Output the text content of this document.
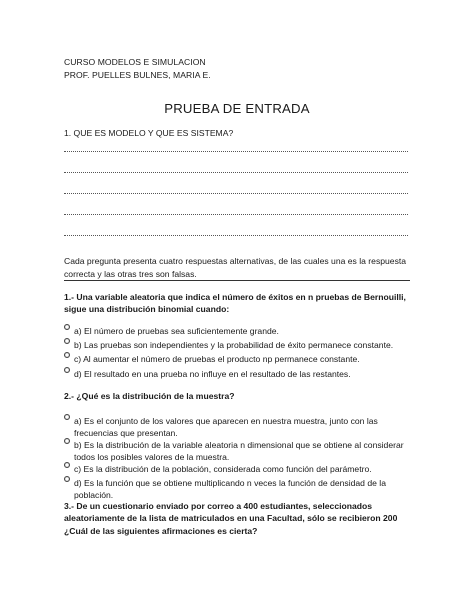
CURSO MODELOS E SIMULACION
PROF. PUELLES BULNES, MARIA E.
PRUEBA DE ENTRADA
1. QUE ES MODELO Y QUE ES SISTEMA?
Cada pregunta presenta cuatro respuestas alternativas, de las cuales una es la respuesta correcta y las otras tres son falsas.
1.- Una variable aleatoria que indica el número de éxitos en n pruebas de Bernouilli, sigue una distribución binomial cuando:
a) El número de pruebas sea suficientemente grande.
b) Las pruebas son independientes y la probabilidad de éxito permanece constante.
c) Al aumentar el número de pruebas el producto np permanece constante.
d) El resultado en una prueba no influye en el resultado de las restantes.
2.- ¿Qué es la distribución de la muestra?
a) Es el conjunto de los valores que aparecen en nuestra muestra, junto con las frecuencias que presentan.
b) Es la distribución de la variable aleatoria n dimensional que se obtiene al considerar todos los posibles valores de la muestra.
c) Es la distribución de la población, considerada como función del parámetro.
d) Es la función que se obtiene multiplicando n veces la función de densidad de la población.
3.- De un cuestionario enviado por correo a 400 estudiantes, seleccionados aleatoriamente de la lista de matriculados en una Facultad, sólo se recibieron 200 ¿Cuál de las siguientes afirmaciones es cierta?
